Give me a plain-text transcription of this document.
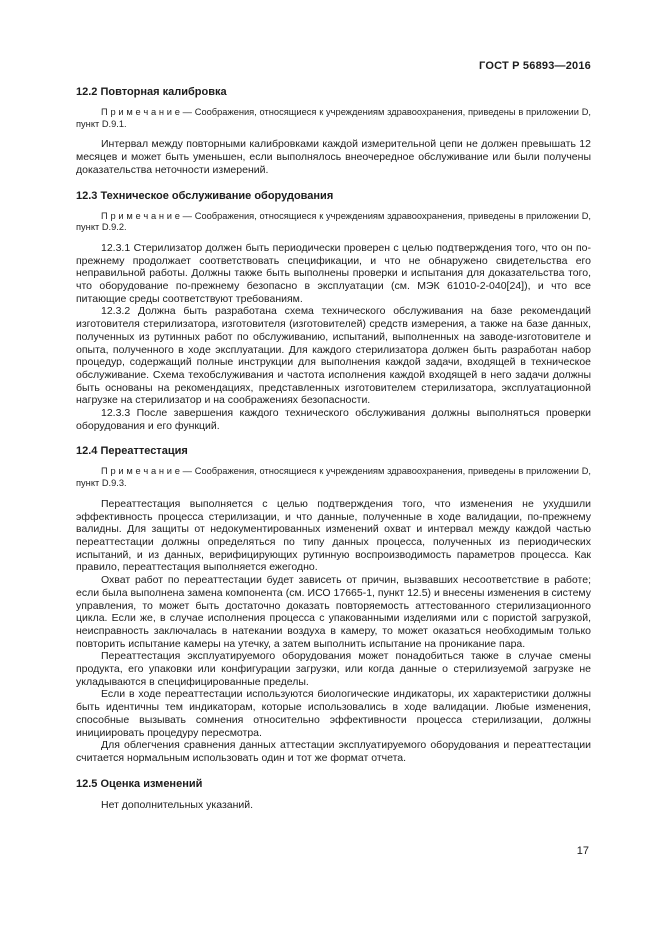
ГОСТ Р 56893—2016
12.2 Повторная калибровка

П р и м е ч а н и е — Соображения, относящиеся к учреждениям здравоохранения, приведены в приложении D, пункт D.9.1.

Интервал между повторными калибровками каждой измерительной цепи не должен превышать 12 месяцев и может быть уменьшен, если выполнялось внеочередное обслуживание или были получены доказательства неточности измерений.

12.3 Техническое обслуживание оборудования

П р и м е ч а н и е — Соображения, относящиеся к учреждениям здравоохранения, приведены в приложении D, пункт D.9.2.

12.3.1 Стерилизатор должен быть периодически проверен с целью подтверждения того, что он по-прежнему продолжает соответствовать спецификации, и что не обнаружено свидетельства его неправильной работы. Должны также быть выполнены проверки и испытания для доказательства того, что оборудование по-прежнему безопасно в эксплуатации (см. МЭК 61010-2-040[24]), и что все питающие среды соответствуют требованиям.

12.3.2 Должна быть разработана схема технического обслуживания на базе рекомендаций изготовителя стерилизатора, изготовителя (изготовителей) средств измерения, а также на базе данных, полученных из рутинных работ по обслуживанию, испытаний, выполненных на заводе-изготовителе и опыта, полученного в ходе эксплуатации. Для каждого стерилизатора должен быть разработан набор процедур, содержащий полные инструкции для выполнения каждой задачи, входящей в техническое обслуживание. Схема техобслуживания и частота исполнения каждой входящей в него задачи должны быть основаны на рекомендациях, представленных изготовителем стерилизатора, эксплуатационной нагрузке на стерилизатор и на соображениях безопасности.

12.3.3 После завершения каждого технического обслуживания должны выполняться проверки оборудования и его функций.

12.4 Переаттестация

П р и м е ч а н и е — Соображения, относящиеся к учреждениям здравоохранения, приведены в приложении D, пункт D.9.3.

Переаттестация выполняется с целью подтверждения того, что изменения не ухудшили эффективность процесса стерилизации, и что данные, полученные в ходе валидации, по-прежнему валидны. Для защиты от недокументированных изменений охват и интервал между каждой частью переаттестации должны определяться по типу данных процесса, полученных из периодических испытаний, и из данных, верифицирующих рутинную воспроизводимость параметров процесса. Как правило, переаттестация выполняется ежегодно.

Охват работ по переаттестации будет зависеть от причин, вызвавших несоответствие в работе; если была выполнена замена компонента (см. ИСО 17665-1, пункт 12.5) и внесены изменения в систему управления, то может быть достаточно доказать повторяемость аттестованного стерилизационного цикла. Если же, в случае исполнения процесса с упакованными изделиями или с пористой загрузкой, неисправность заключалась в натекании воздуха в камеру, то может оказаться необходимым только повторить испытание камеры на утечку, а затем выполнить испытание на проникание пара.

Переаттестация эксплуатируемого оборудования может понадобиться также в случае смены продукта, его упаковки или конфигурации загрузки, или когда данные о стерилизуемой загрузке не укладываются в специфицированные пределы.

Если в ходе переаттестации используются биологические индикаторы, их характеристики должны быть идентичны тем индикаторам, которые использовались в ходе валидации. Любые изменения, способные вызывать сомнения относительно эффективности процесса стерилизации, должны инициировать процедуру пересмотра.

Для облегчения сравнения данных аттестации эксплуатируемого оборудования и переаттестации считается нормальным использовать один и тот же формат отчета.

12.5 Оценка изменений

Нет дополнительных указаний.

17
